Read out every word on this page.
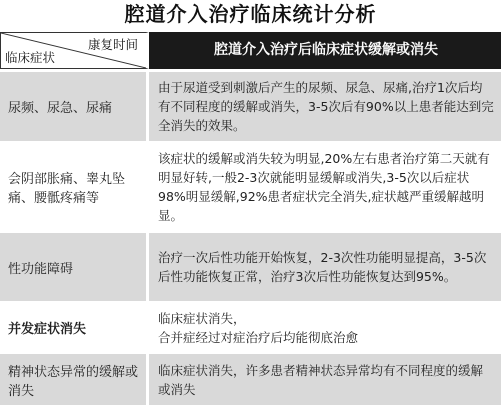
腔道介入治疗临床统计分析
康复时间
临床症状	腔道介入治疗后临床症状缓解或消失
尿频、尿急、尿痛
由于尿道受到刺激后产生的尿频、尿急、尿痛,治疗1次后均有不同程度的缓解或消失，3-5次后有90%以上患者能达到完全消失的效果。
会阴部胀痛、睾丸坠痛、腰骶疼痛等
该症状的缓解或消失较为明显,20%左右患者治疗第二天就有明显好转,一般2-3次就能明显缓解或消失,3-5次以后症状98%明显缓解,92%患者症状完全消失,症状越严重缓解越明显。
性功能障碍
治疗一次后性功能开始恢复，2-3次性功能明显提高，3-5次后性功能恢复正常，治疗3次后性功能恢复达到95%。
并发症状消失
临床症状消失，
合并症经过对症治疗后均能彻底治愈
精神状态异常的缓解或消失
临床症状消失，许多患者精神状态异常均有不同程度的缓解或消失
